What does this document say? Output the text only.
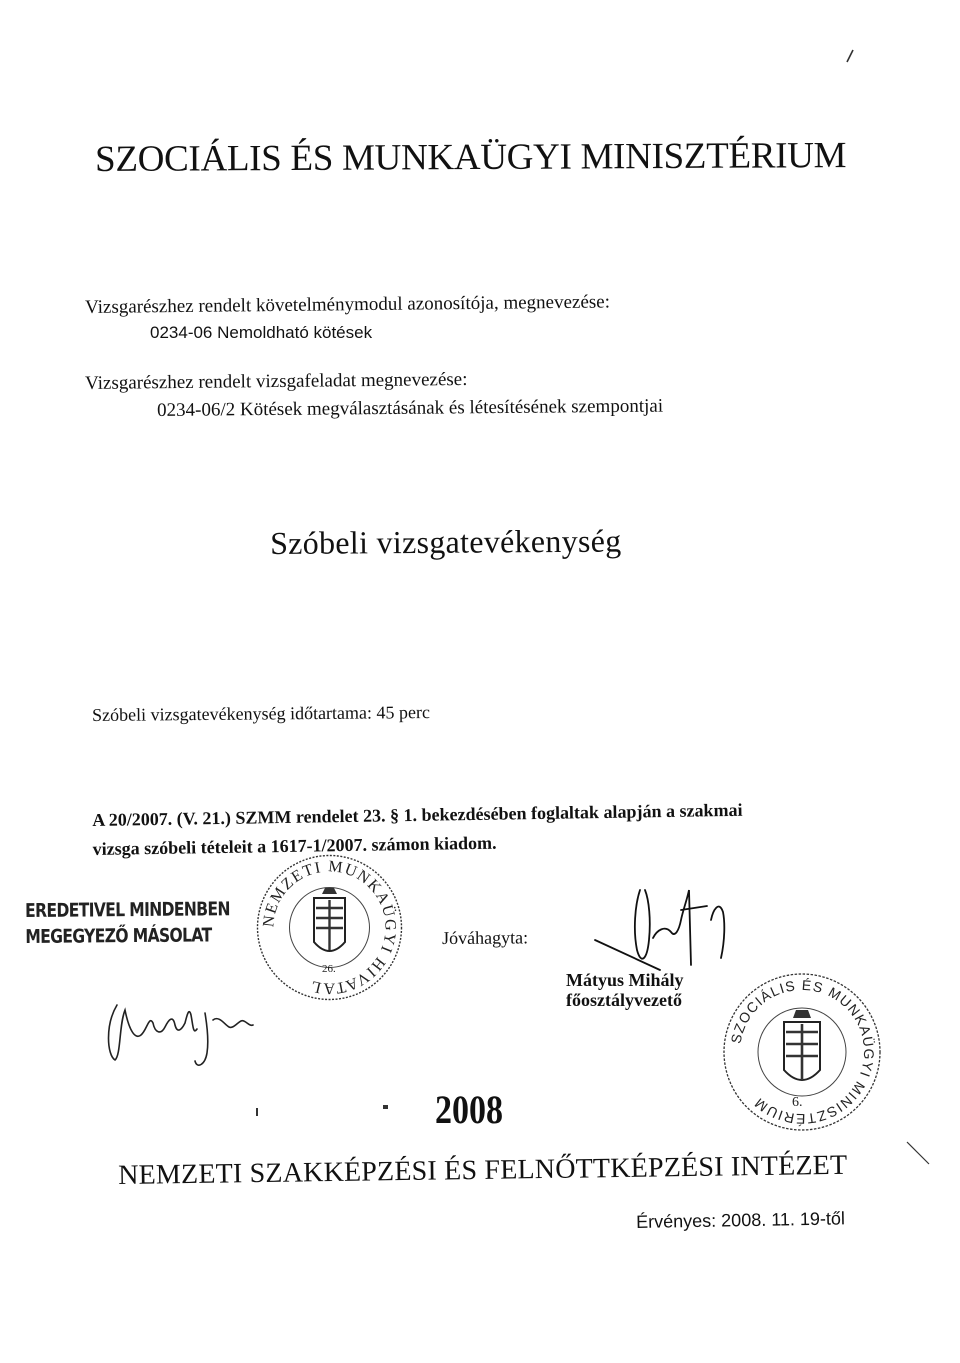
SZOCIÁLIS ÉS MUNKAÜGYI MINISZTÉRIUM
Vizsgarészhez rendelt követelménymodul azonosítója, megnevezése:
0234-06 Nemoldható kötések
Vizsgarészhez rendelt vizsgafeladat megnevezése:
0234-06/2 Kötések megválasztásának és létesítésének szempontjai
Szóbeli vizsgatevékenység
Szóbeli vizsgatevékenység időtartama: 45 perc
A 20/2007. (V. 21.) SZMM rendelet 23. § 1. bekezdésében foglaltak alapján a szakmai
vizsga szóbeli tételeit a 1617-1/2007. számon kiadom.
EREDETIVEL MINDENBEN
MEGEGYEZŐ MÁSOLAT
NEMZETI MUNKAÜGYI HIVATAL
26.
Jóváhagyta:
Mátyus Mihály
főosztályvezető
SZOCIÁLIS ÉS MUNKAÜGYI MINISZTÉRIUM	6.
2008
NEMZETI SZAKKÉPZÉSI ÉS FELNŐTTKÉPZÉSI INTÉZET
Érvényes: 2008. 11. 19-től
